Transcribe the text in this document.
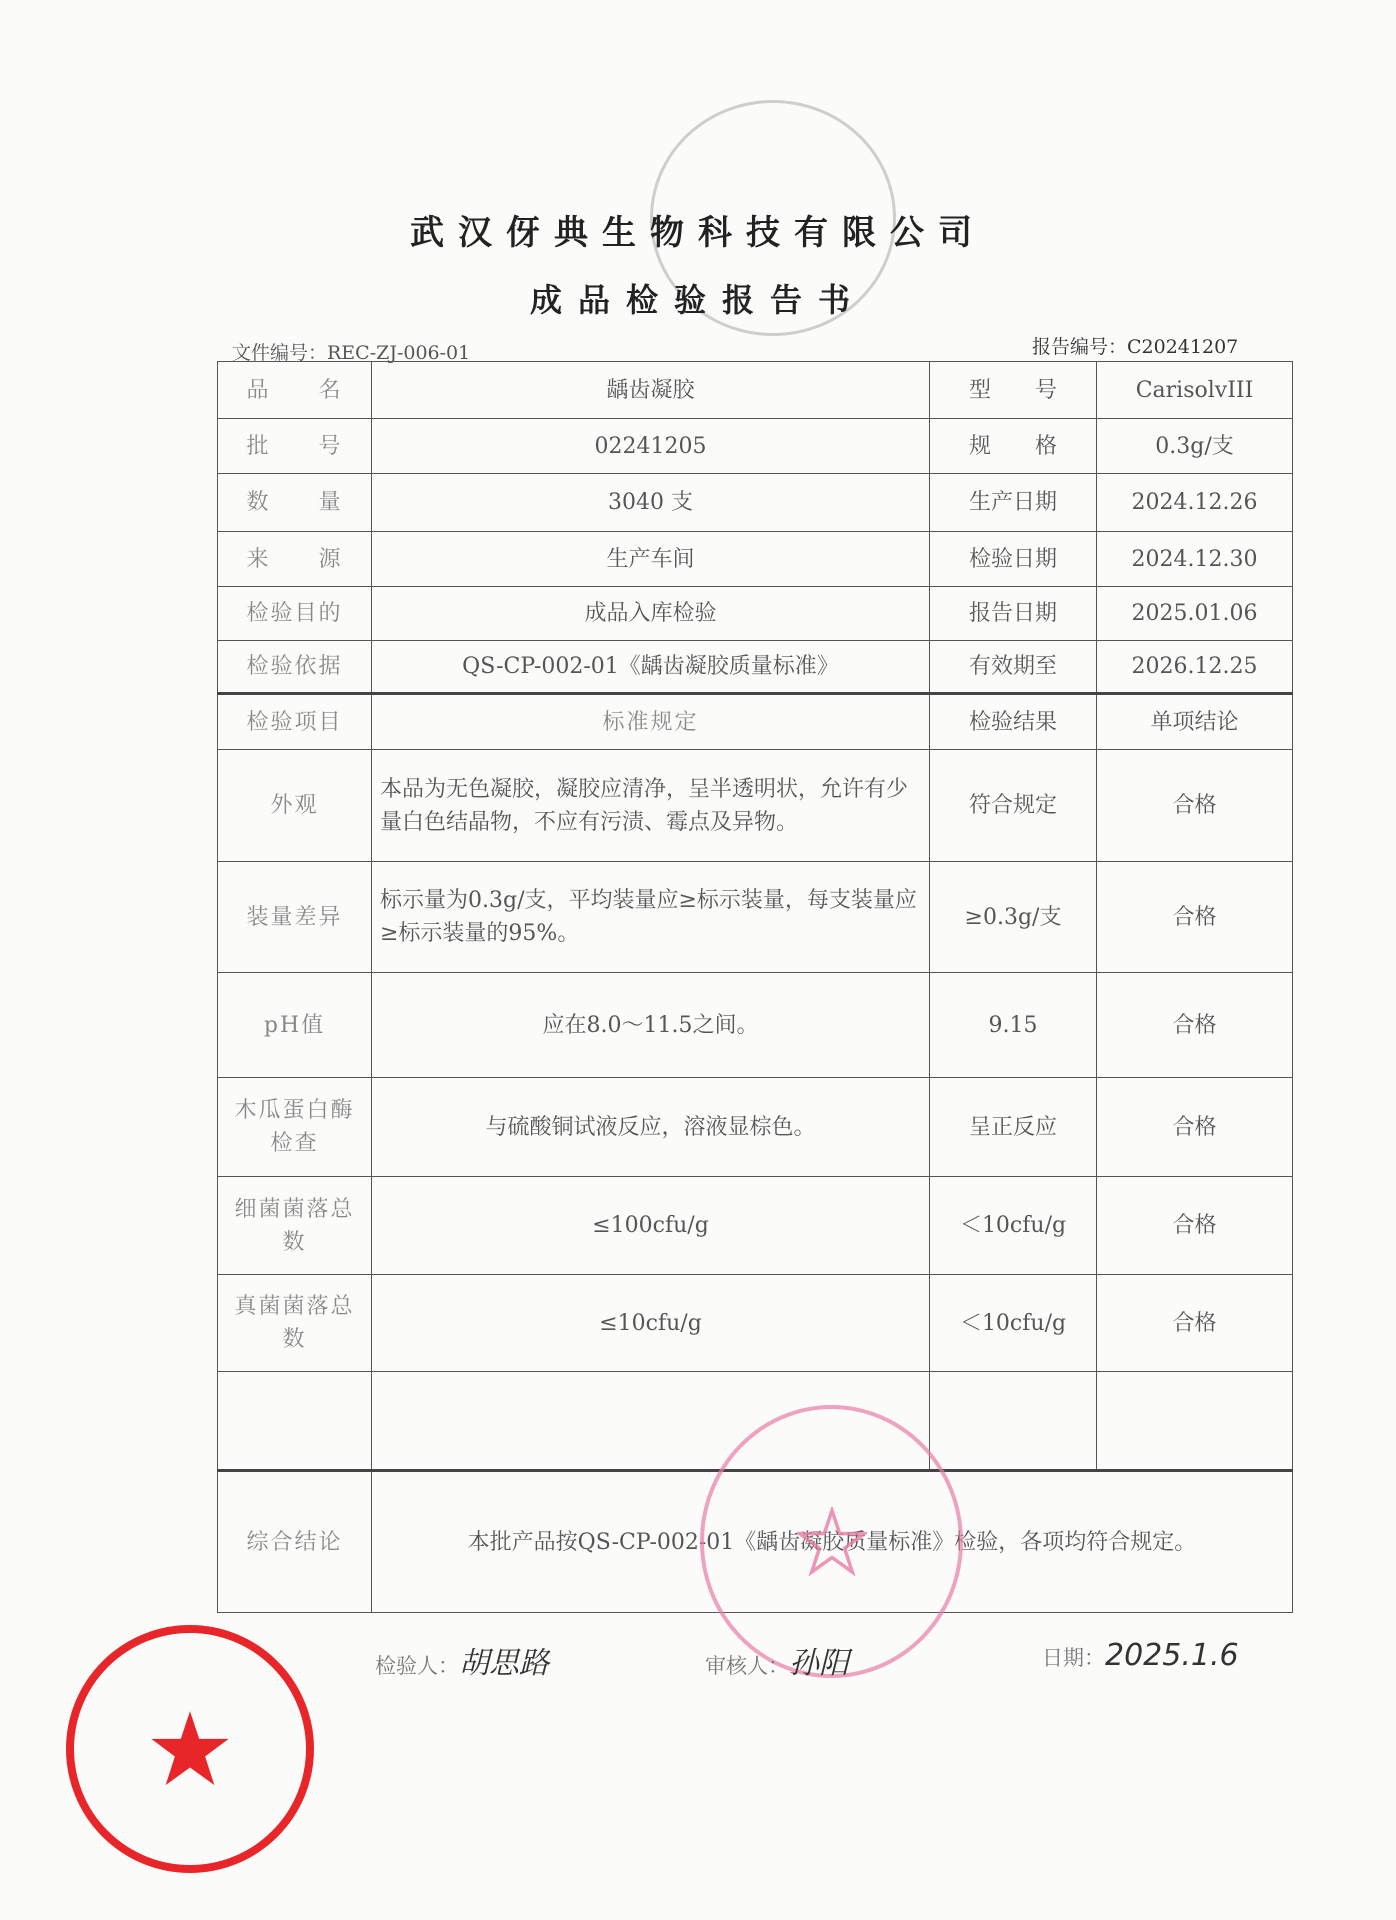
武汉伢典生物科技有限公司
成品检验报告书
文件编号：REC-ZJ-006-01	报告编号：C20241207
品　　名	龋齿凝胶	型　　号	CarisolvIII
批　　号	02241205	规　　格	0.3g/支
数　　量	3040 支	生产日期	2024.12.26
来　　源	生产车间	检验日期	2024.12.30
检验目的	成品入库检验	报告日期	2025.01.06
检验依据	QS-CP-002-01《龋齿凝胶质量标准》	有效期至	2026.12.25
检验项目	标准规定	检验结果	单项结论
外观	本品为无色凝胶，凝胶应清净，呈半透明状，允许有少量白色结晶物，不应有污渍、霉点及异物。	符合规定	合格
装量差异	标示量为0.3g/支，平均装量应≥标示装量，每支装量应≥标示装量的95%。	≥0.3g/支	合格
pH值	应在8.0～11.5之间。	9.15	合格
木瓜蛋白酶检查	与硫酸铜试液反应，溶液显棕色。	呈正反应	合格
细菌菌落总数	≤100cfu/g	＜10cfu/g	合格
真菌菌落总数	≤10cfu/g	＜10cfu/g	合格

综合结论	本批产品按QS-CP-002-01《龋齿凝胶质量标准》检验，各项均符合规定。		
检验人：胡思路	审核人：孙阳	日期：2025.1.6
